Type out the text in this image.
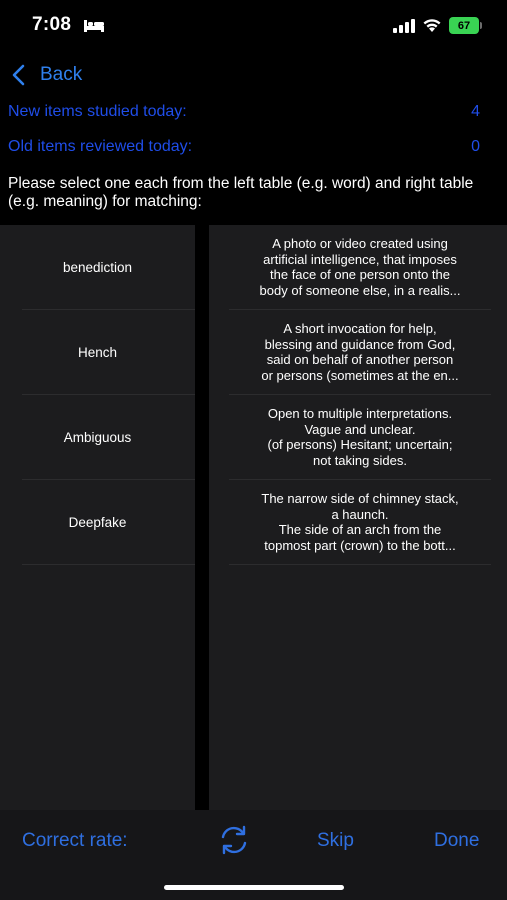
7:08	67
Back
New items studied today:	4
Old items reviewed today:	0
Please select one each from the left table (e.g. word) and right table (e.g. meaning) for matching:
benediction
Hench
Ambiguous
Deepfake
A photo or video created using
artificial intelligence, that imposes
the face of one person onto the
body of someone else, in a realis...
A short invocation for help,
blessing and guidance from God,
said on behalf of another person
or persons (sometimes at the en...
Open to multiple interpretations.
Vague and unclear.
(of persons) Hesitant; uncertain;
not taking sides.
The narrow side of chimney stack,
a haunch.
The side of an arch from the
topmost part (crown) to the bott...
Correct rate:	Skip	Done
